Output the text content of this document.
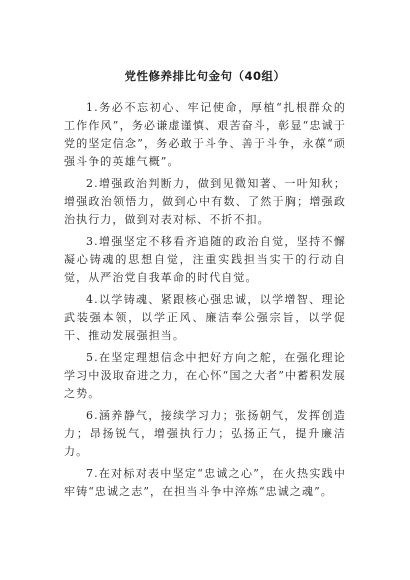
党性修养排比句金句（40组）

1.务必不忘初心、牢记使命，厚植“扎根群众的工作作风”，务必谦虚谨慎、艰苦奋斗，彰显“忠诚于党的坚定信念”，务必敢于斗争、善于斗争，永葆“顽强斗争的英雄气概”。

2.增强政治判断力，做到见微知著、一叶知秋；增强政治领悟力，做到心中有数、了然于胸；增强政治执行力，做到对表对标、不折不扣。

3.增强坚定不移看齐追随的政治自觉，坚持不懈凝心铸魂的思想自觉，注重实践担当实干的行动自觉，从严治党自我革命的时代自觉。

4.以学铸魂、紧跟核心强忠诚，以学增智、理论武装强本领，以学正风、廉洁奉公强宗旨，以学促干、推动发展强担当。

5.在坚定理想信念中把好方向之舵，在强化理论学习中汲取奋进之力，在心怀“国之大者”中蓄积发展之势。

6.涵养静气，接续学习力；张扬朝气，发挥创造力；昂扬锐气，增强执行力；弘扬正气，提升廉洁力。

7.在对标对表中坚定“忠诚之心”，在火热实践中牢铸“忠诚之志”，在担当斗争中淬炼“忠诚之魂”。
